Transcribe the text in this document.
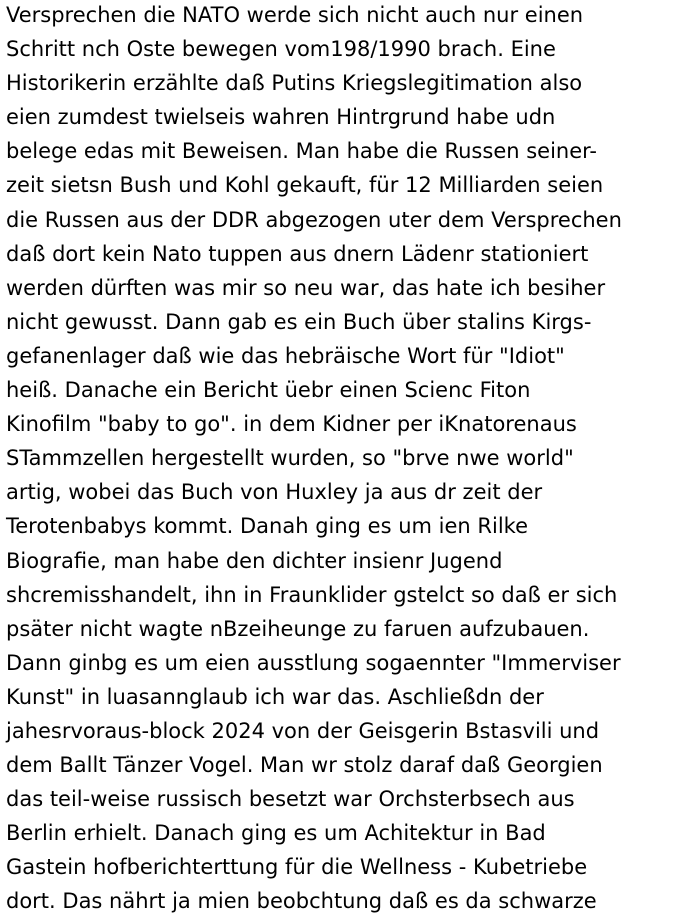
Versprechen die NATO werde sich nicht auch nur einen
Schritt nch Oste bewegen vom198/1990 brach. Eine
Historikerin erzählte daß Putins Kriegslegitimation also
eien zumdest twielseis wahren Hintrgrund habe udn
belege edas mit Beweisen. Man habe die Russen seiner-
zeit sietsn Bush und Kohl gekauft, für 12 Milliarden seien
die Russen aus der DDR abgezogen uter dem Versprechen
daß dort kein Nato tuppen aus dnern Lädenr stationiert
werden dürften was mir so neu war, das hate ich besiher
nicht gewusst. Dann gab es ein Buch über stalins Kirgs-
gefanenlager daß wie das hebräische Wort für "Idiot"
heiß. Danache ein Bericht üebr einen Scienc Fiton
Kinofilm "baby to go". in dem Kidner per iKnatorenaus
STammzellen hergestellt wurden, so "brve nwe world"
artig, wobei das Buch von Huxley ja aus dr zeit der
Terotenbabys kommt. Danah ging es um ien Rilke
Biografie, man habe den dichter insienr Jugend
shcremisshandelt, ihn in Fraunklider gstelct so daß er sich
psäter nicht wagte nBzeiheunge zu faruen aufzubauen.
Dann ginbg es um eien ausstlung sogaennter "Immerviser
Kunst" in luasannglaub ich war das. Aschließdn der
jahesrvoraus-block 2024 von der Geisgerin Bstasvili und
dem Ballt Tänzer Vogel. Man wr stolz daraf daß Georgien
das teil-weise russisch besetzt war Orchsterbsech aus
Berlin erhielt. Danach ging es um Achitektur in Bad
Gastein hofberichterttung für die Wellness - Kubetriebe
dort. Das nährt ja mien beobchtung daß es da schwarze
